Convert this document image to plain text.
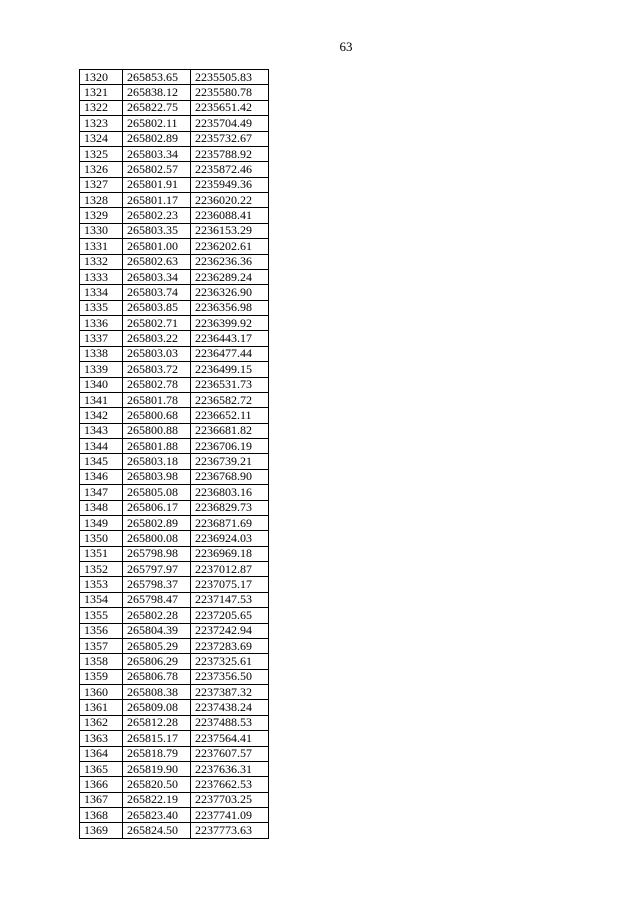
63
1320	265853.65	2235505.83
1321	265838.12	2235580.78
1322	265822.75	2235651.42
1323	265802.11	2235704.49
1324	265802.89	2235732.67
1325	265803.34	2235788.92
1326	265802.57	2235872.46
1327	265801.91	2235949.36
1328	265801.17	2236020.22
1329	265802.23	2236088.41
1330	265803.35	2236153.29
1331	265801.00	2236202.61
1332	265802.63	2236236.36
1333	265803.34	2236289.24
1334	265803.74	2236326.90
1335	265803.85	2236356.98
1336	265802.71	2236399.92
1337	265803.22	2236443.17
1338	265803.03	2236477.44
1339	265803.72	2236499.15
1340	265802.78	2236531.73
1341	265801.78	2236582.72
1342	265800.68	2236652.11
1343	265800.88	2236681.82
1344	265801.88	2236706.19
1345	265803.18	2236739.21
1346	265803.98	2236768.90
1347	265805.08	2236803.16
1348	265806.17	2236829.73
1349	265802.89	2236871.69
1350	265800.08	2236924.03
1351	265798.98	2236969.18
1352	265797.97	2237012.87
1353	265798.37	2237075.17
1354	265798.47	2237147.53
1355	265802.28	2237205.65
1356	265804.39	2237242.94
1357	265805.29	2237283.69
1358	265806.29	2237325.61
1359	265806.78	2237356.50
1360	265808.38	2237387.32
1361	265809.08	2237438.24
1362	265812.28	2237488.53
1363	265815.17	2237564.41
1364	265818.79	2237607.57
1365	265819.90	2237636.31
1366	265820.50	2237662.53
1367	265822.19	2237703.25
1368	265823.40	2237741.09
1369	265824.50	2237773.63
